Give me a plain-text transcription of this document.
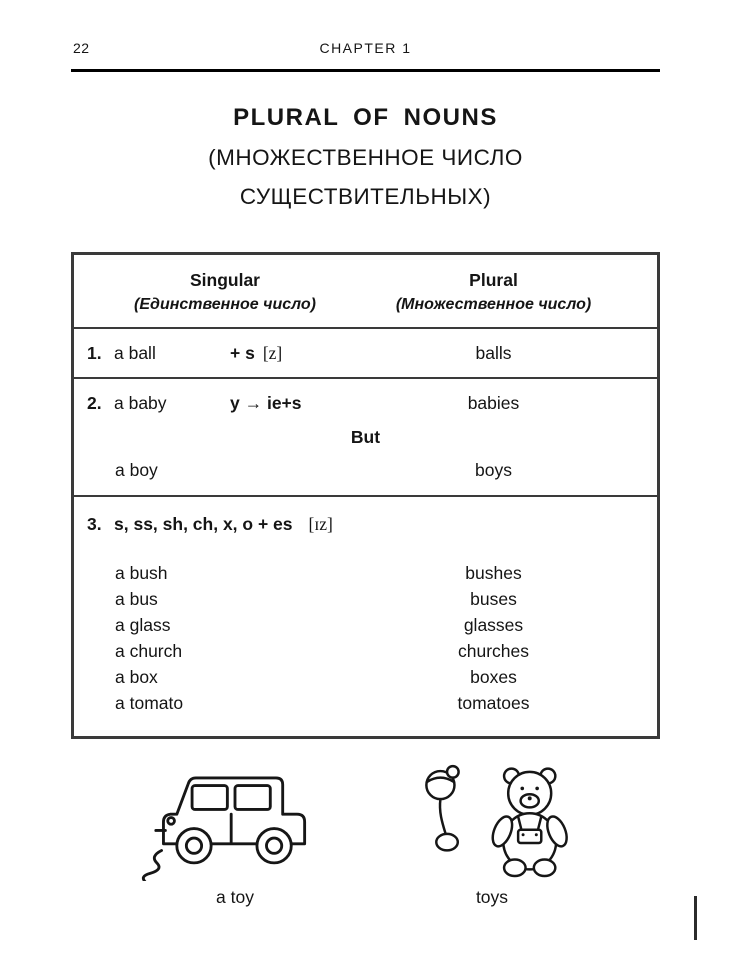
22	CHAPTER 1
PLURAL OF NOUNS
(МНОЖЕСТВЕННОЕ ЧИСЛО
СУЩЕСТВИТЕЛЬНЫХ)
Singular
(Единственное число)
Plural
(Множественное число)
1. a ball	+ s [z]	balls
2. a baby	y → ie+s	babies
But
a boy	boys
3. s, ss, sh, ch, x, o + es [ɪz]
a bush	bushes
a bus	buses
a glass	glasses
a church	churches
a box	boxes
a tomato	tomatoes
a toy	toys
